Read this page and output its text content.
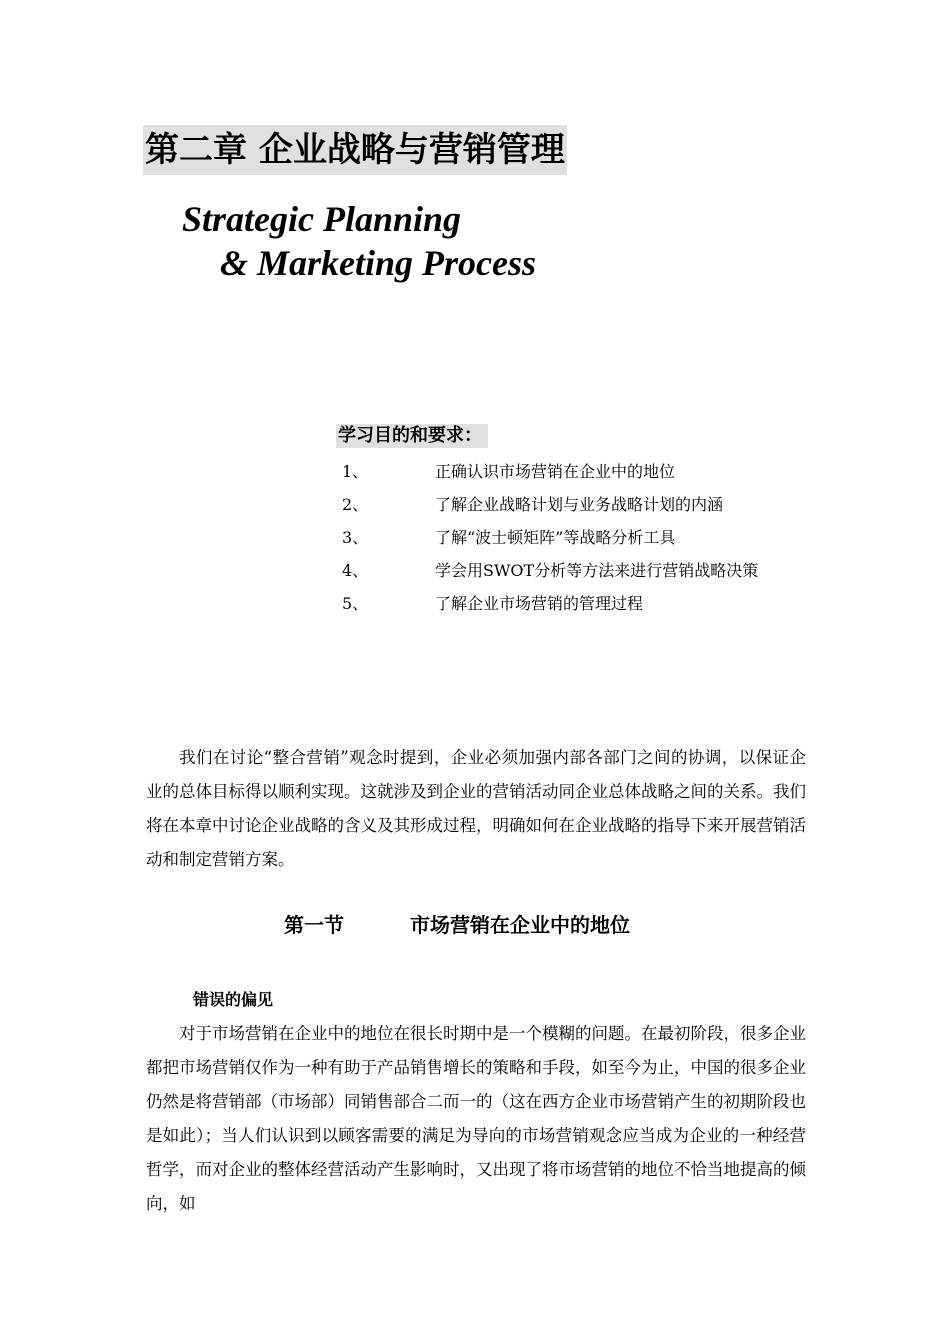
第二章 企业战略与营销管理
Strategic Planning
& Marketing Process
学习目的和要求：
1、	正确认识市场营销在企业中的地位
2、	了解企业战略计划与业务战略计划的内涵
3、	了解“波士顿矩阵”等战略分析工具
4、	学会用SWOT分析等方法来进行营销战略决策
5、	了解企业市场营销的管理过程

我们在讨论“整合营销”观念时提到，企业必须加强内部各部门之间的协调，以保证企业的总体目标得以顺利实现。这就涉及到企业的营销活动同企业总体战略之间的关系。我们将在本章中讨论企业战略的含义及其形成过程，明确如何在企业战略的指导下来开展营销活动和制定营销方案。

第一节	市场营销在企业中的地位
错误的偏见

对于市场营销在企业中的地位在很长时期中是一个模糊的问题。在最初阶段，很多企业都把市场营销仅作为一种有助于产品销售增长的策略和手段，如至今为止，中国的很多企业仍然是将营销部（市场部）同销售部合二而一的（这在西方企业市场营销产生的初期阶段也是如此）；当人们认识到以顾客需要的满足为导向的市场营销观念应当成为企业的一种经营哲学，而对企业的整体经营活动产生影响时，又出现了将市场营销的地位不恰当地提高的倾向，如
